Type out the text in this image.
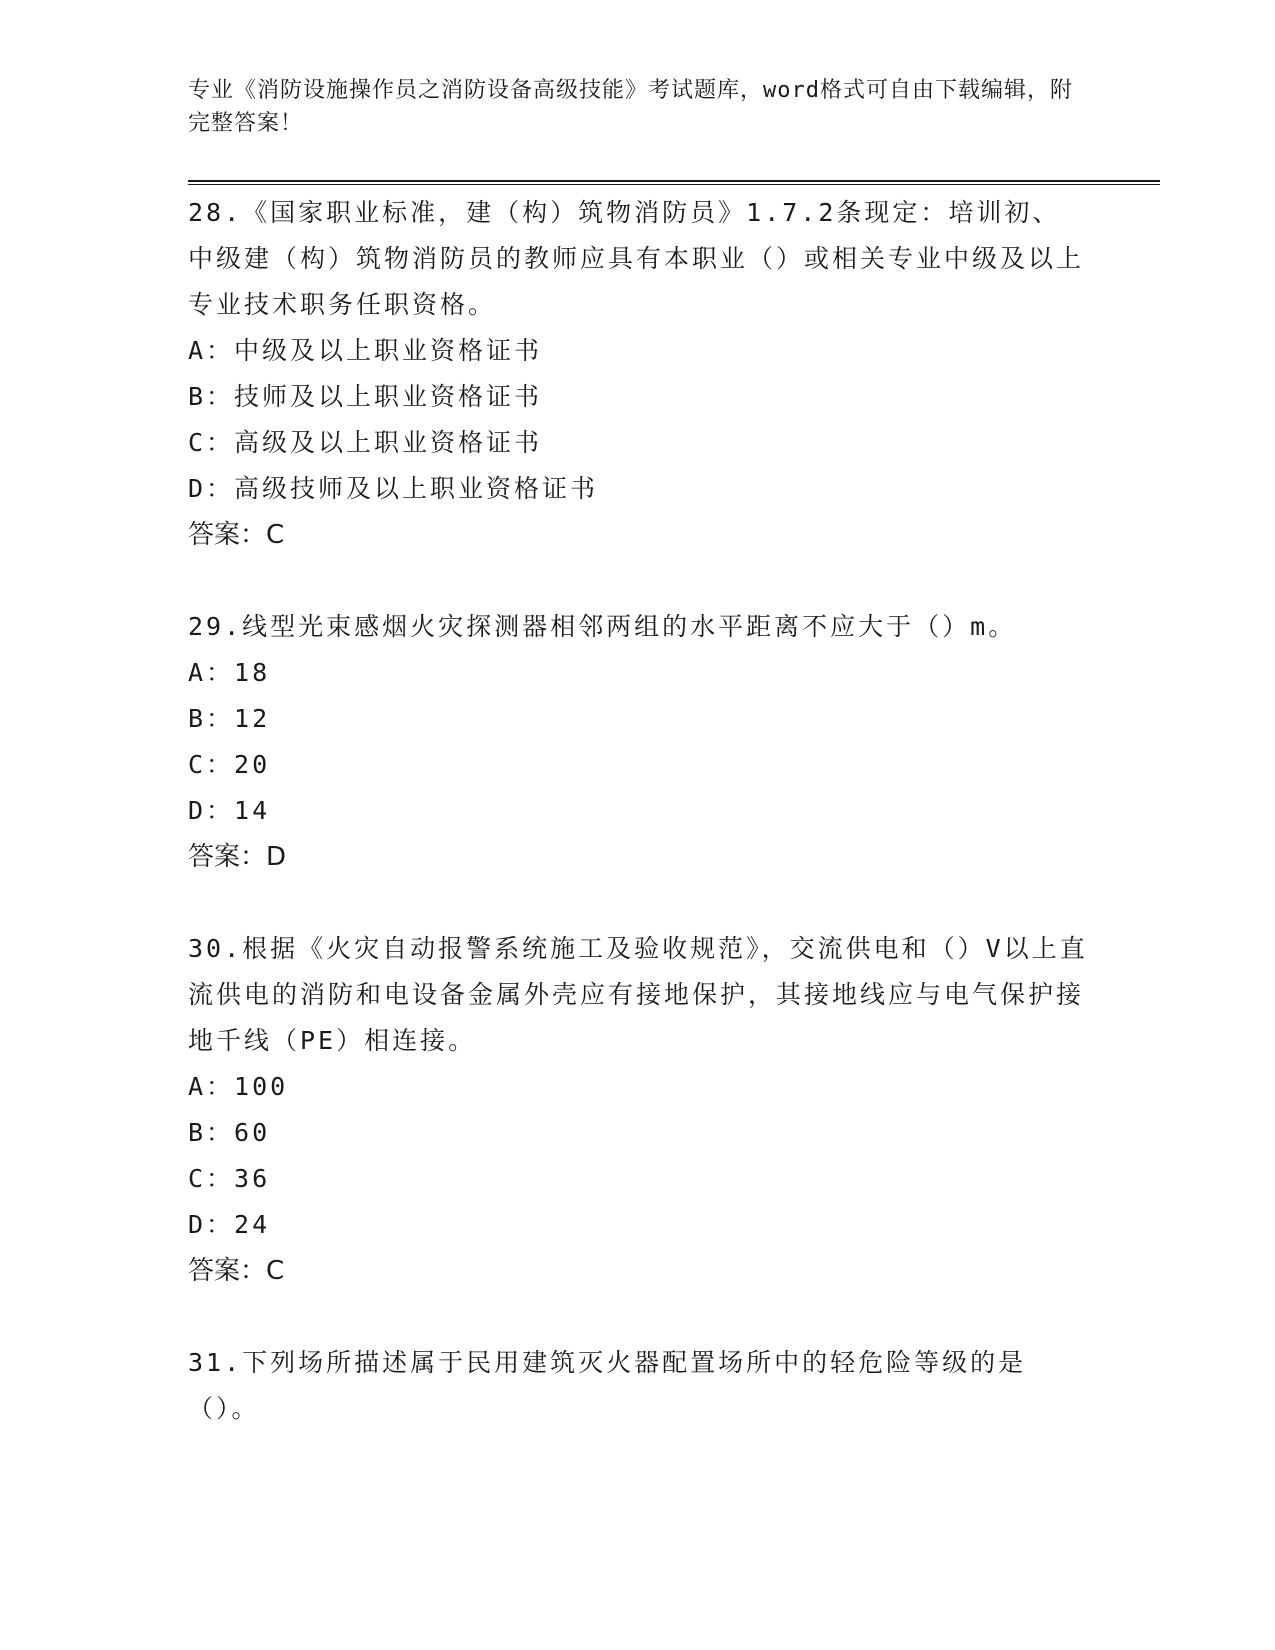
专业《消防设施操作员之消防设备高级技能》考试题库，word格式可自由下载编辑，附完整答案！

28.《国家职业标准，建（构）筑物消防员》1.7.2条现定：培训初、中级建（构）筑物消防员的教师应具有本职业（）或相关专业中级及以上专业技术职务任职资格。

A：中级及以上职业资格证书

B：技师及以上职业资格证书

C：高级及以上职业资格证书

D：高级技师及以上职业资格证书

答案：C

29.线型光束感烟火灾探测器相邻两组的水平距离不应大于（）m。

A：18

B：12

C：20

D：14

答案：D

30.根据《火灾自动报警系统施工及验收规范》，交流供电和（）V以上直流供电的消防和电设备金属外壳应有接地保护，其接地线应与电气保护接地千线（PE）相连接。

A：100

B：60

C：36

D：24

答案：C

31.下列场所描述属于民用建筑灭火器配置场所中的轻危险等级的是（）。
